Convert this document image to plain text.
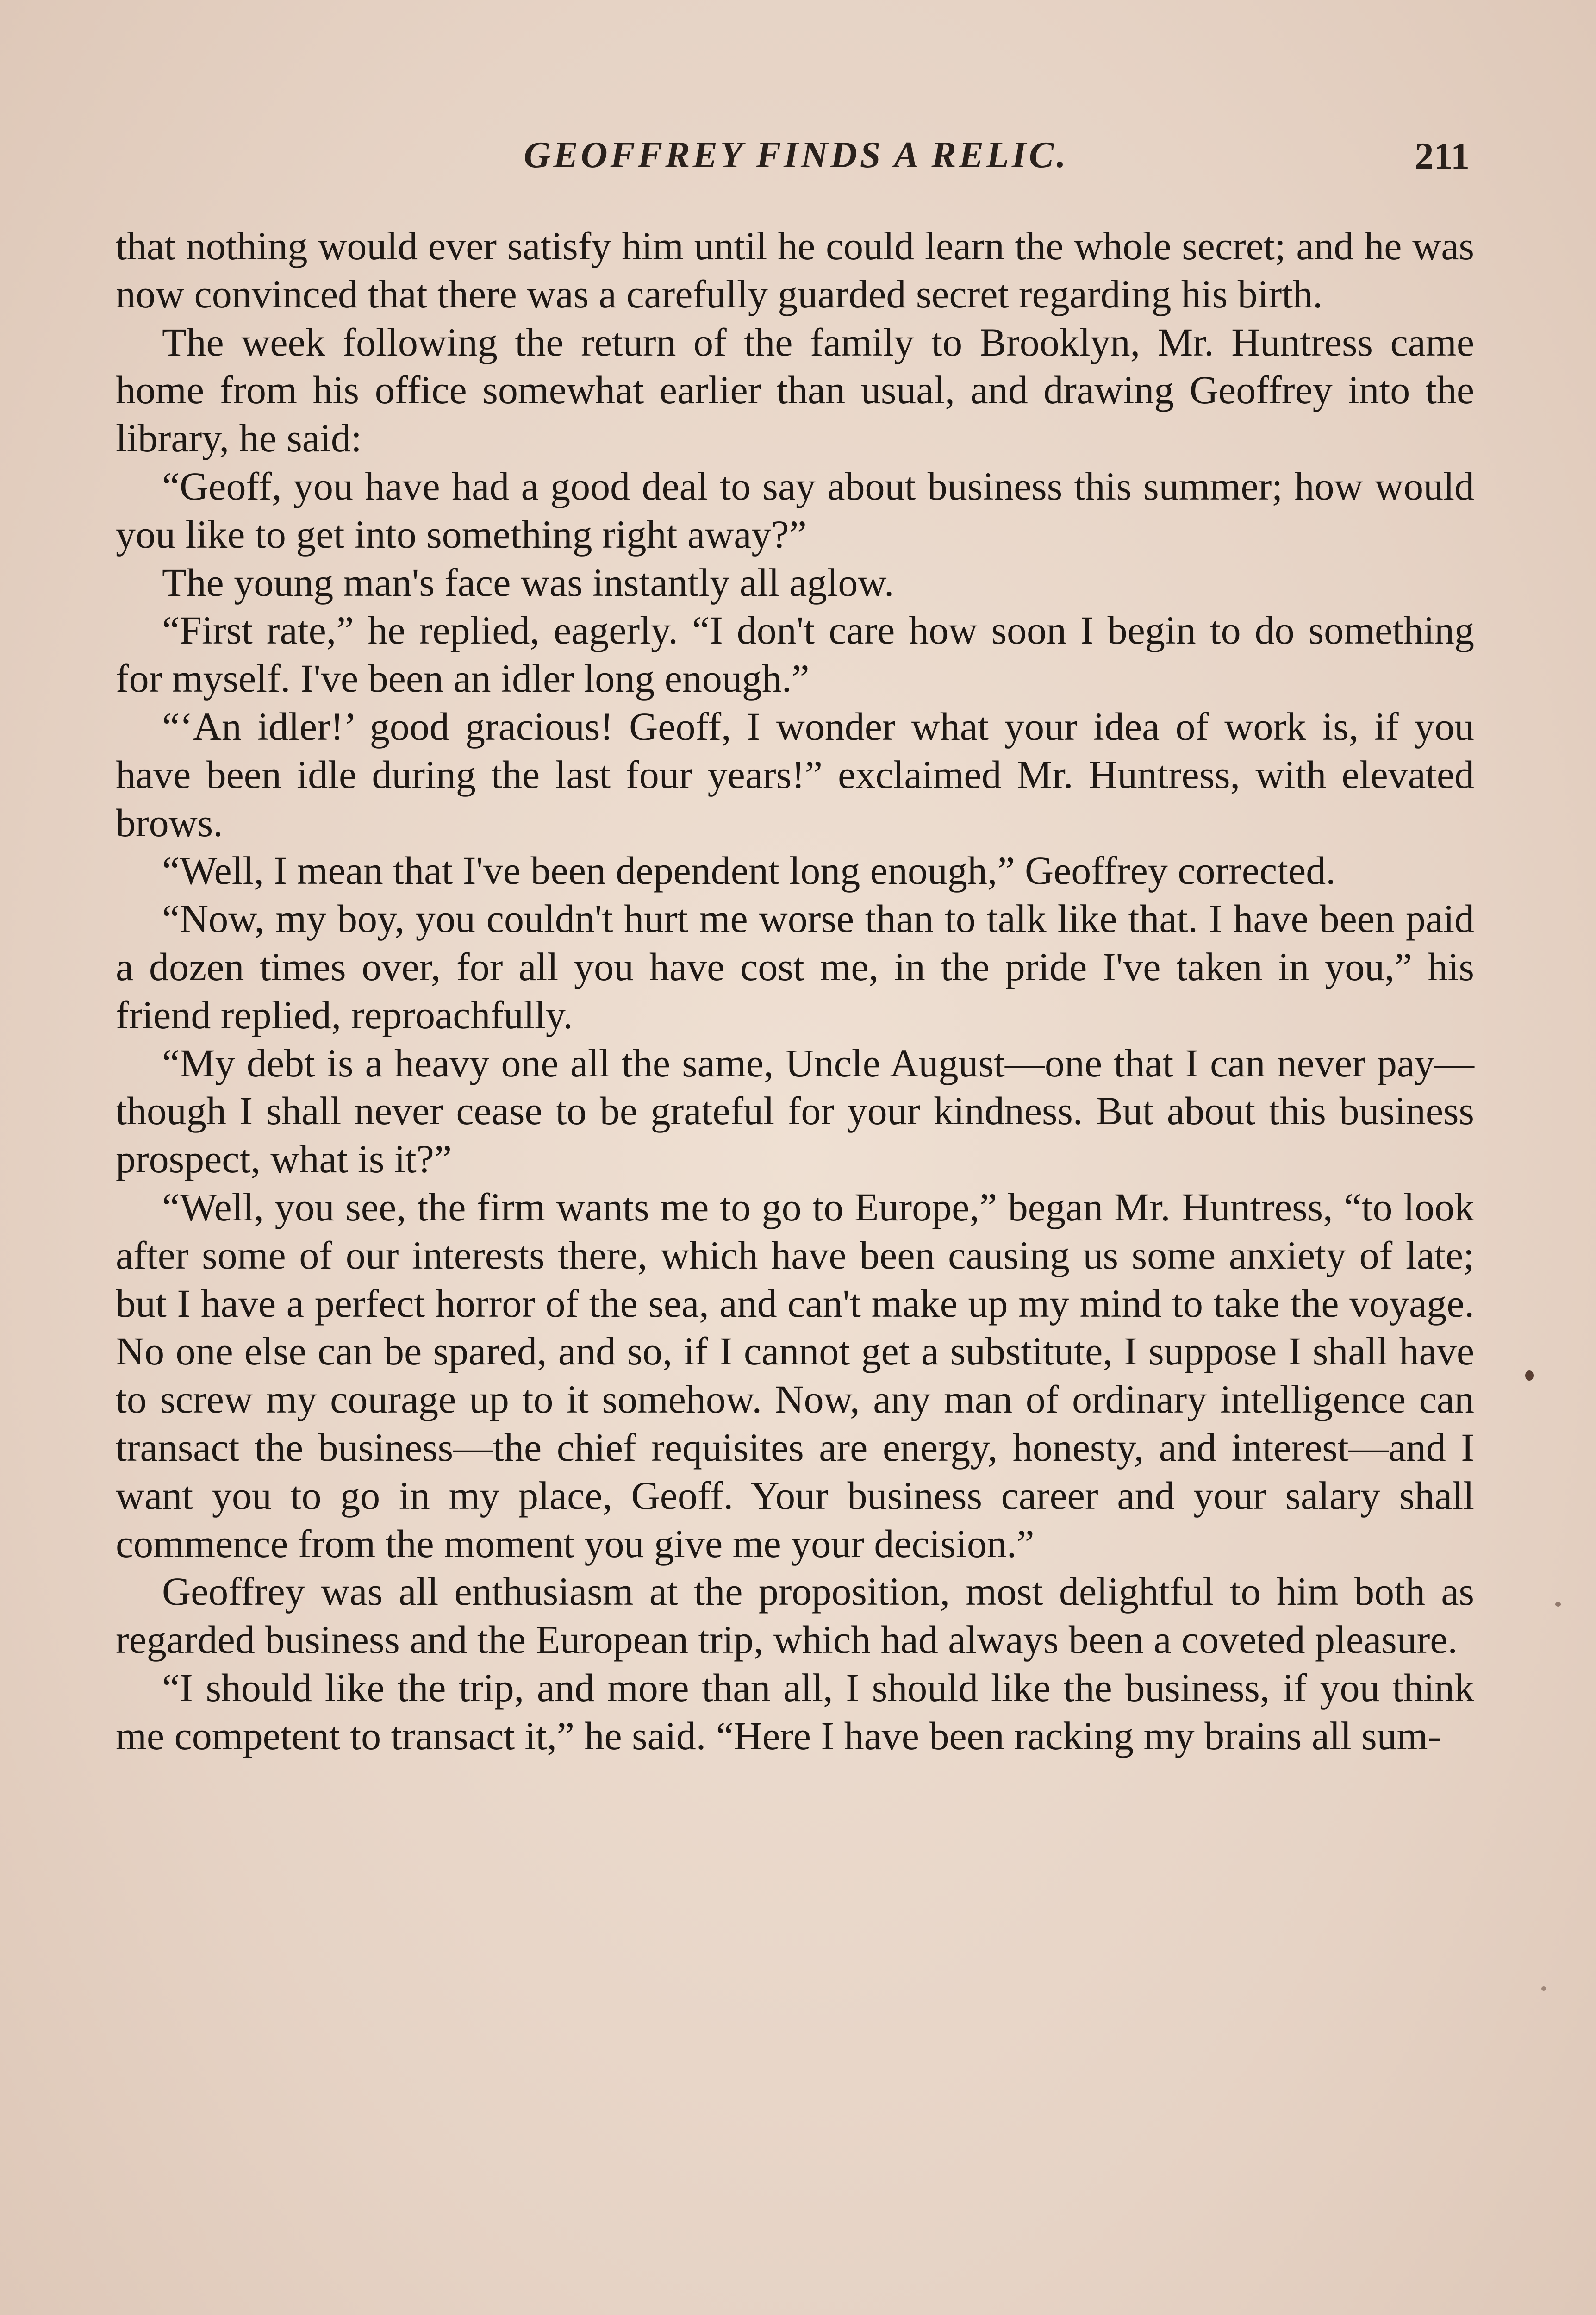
GEOFFREY FINDS A RELIC.	211

that nothing would ever satisfy him until he could learn the whole secret; and he was now convinced that there was a carefully guarded secret regarding his birth.

The week following the return of the family to Brooklyn, Mr. Huntress came home from his office somewhat earlier than usual, and drawing Geoffrey into the library, he said:

“Geoff, you have had a good deal to say about business this summer; how would you like to get into something right away?”

The young man's face was instantly all aglow.

“First rate,” he replied, eagerly. “I don't care how soon I begin to do something for myself. I've been an idler long enough.”

“‘An idler!’ good gracious! Geoff, I wonder what your idea of work is, if you have been idle during the last four years!” exclaimed Mr. Huntress, with elevated brows.

“Well, I mean that I've been dependent long enough,” Geoffrey corrected.

“Now, my boy, you couldn't hurt me worse than to talk like that. I have been paid a dozen times over, for all you have cost me, in the pride I've taken in you,” his friend replied, reproachfully.

“My debt is a heavy one all the same, Uncle August—one that I can never pay—though I shall never cease to be grateful for your kindness. But about this business prospect, what is it?”

“Well, you see, the firm wants me to go to Europe,” began Mr. Huntress, “to look after some of our interests there, which have been causing us some anxiety of late; but I have a perfect horror of the sea, and can't make up my mind to take the voyage. No one else can be spared, and so, if I cannot get a substitute, I suppose I shall have to screw my courage up to it somehow. Now, any man of ordinary intelligence can transact the business—the chief requisites are energy, honesty, and interest—and I want you to go in my place, Geoff. Your business career and your salary shall commence from the moment you give me your decision.”

Geoffrey was all enthusiasm at the proposition, most delightful to him both as regarded business and the European trip, which had always been a coveted pleasure.

“I should like the trip, and more than all, I should like the business, if you think me competent to transact it,” he said. “Here I have been racking my brains all sum-
